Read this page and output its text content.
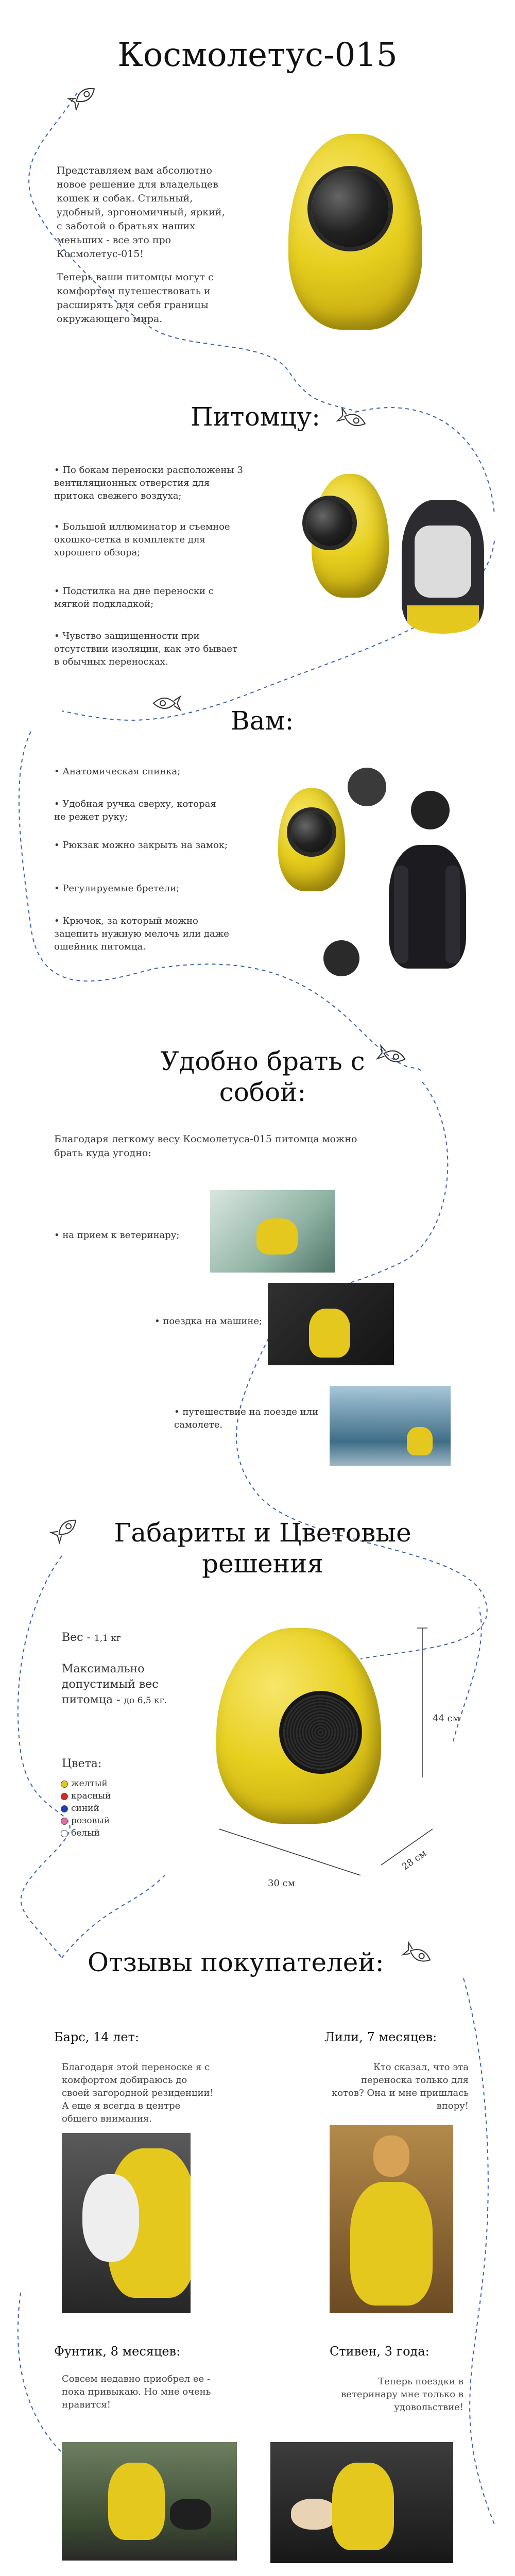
Космолетус-015
Представляем вам абсолютно новое решение для владельцев кошек и собак. Стильный, удобный, эргономичный, яркий, с заботой о братьях наших меньших - все это про Космолетус-015!
Теперь ваши питомцы могут с комфортом путешествовать и расширять для себя границы окружающего мира.
Питомцу:
• По бокам переноски расположены 3 вентиляционных отверстия для притока свежего воздуха;
• Большой иллюминатор и съемное окошко-сетка в комплекте для хорошего обзора;
• Подстилка на дне переноски с мягкой подкладкой;
• Чувство защищенности при отсутствии изоляции, как это бывает в обычных переносках.
Вам:
• Анатомическая спинка;
• Удобная ручка сверху, которая не режет руку;
• Рюкзак можно закрыть на замок;
• Регулируемые бретели;
• Крючок, за который можно зацепить нужную мелочь или даже ошейник питомца.
Удобно брать с собой:
Благодаря легкому весу Космолетуса-015 питомца можно брать куда угодно:
• на прием к ветеринару;
• поездка на машине;
• путешествие на поезде или самолете.
Габариты и Цветовые решения
Вес - 1,1 кг
Максимально допустимый вес питомца - до 6,5 кг.
Цвета:
желтый
красный
синий
розовый
белый
44 см
30 см
28 см
Отзывы покупателей:
Барс, 14 лет:
Благодаря этой переноске я с комфортом добираюсь до своей загородной резиденции! А еще я всегда в центре общего внимания.
Лили, 7 месяцев:
Кто сказал, что эта переноска только для котов? Она и мне пришлась впору!
Фунтик, 8 месяцев:
Совсем недавно приобрел ее - пока привыкаю. Но мне очень нравится!
Стивен, 3 года:
Теперь поездки в ветеринару мне только в удовольствие!
